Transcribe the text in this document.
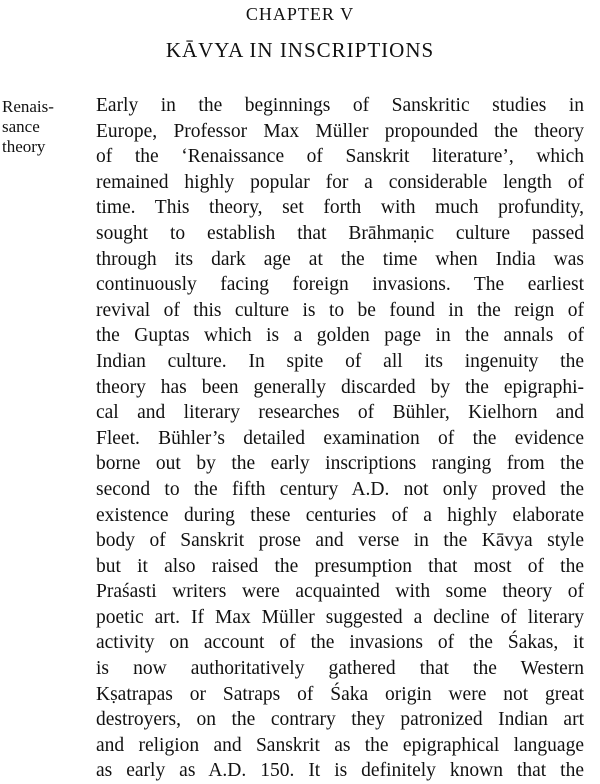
CHAPTER V
KĀVYA IN INSCRIPTIONS
Renais-
sance
theory
Early in the beginnings of Sanskritic studies in
Europe, Professor Max Müller propounded the theory
of the ‘Renaissance of Sanskrit literature’, which
remained highly popular for a considerable length of
time. This theory, set forth with much profundity,
sought to establish that Brāhmaṇic culture passed
through its dark age at the time when India was
continuously facing foreign invasions. The earliest
revival of this culture is to be found in the reign of
the Guptas which is a golden page in the annals of
Indian culture. In spite of all its ingenuity the
theory has been generally discarded by the epigraphi-
cal and literary researches of Bühler, Kielhorn and
Fleet. Bühler’s detailed examination of the evidence
borne out by the early inscriptions ranging from the
second to the fifth century A.D. not only proved the
existence during these centuries of a highly elaborate
body of Sanskrit prose and verse in the Kāvya style
but it also raised the presumption that most of the
Praśasti writers were acquainted with some theory of
poetic art. If Max Müller suggested a decline of literary
activity on account of the invasions of the Śakas, it
is now authoritatively gathered that the Western
Kṣatrapas or Satraps of Śaka origin were not great
destroyers, on the contrary they patronized Indian art
and religion and Sanskrit as the epigraphical language
as early as A.D. 150. It is definitely known that the
